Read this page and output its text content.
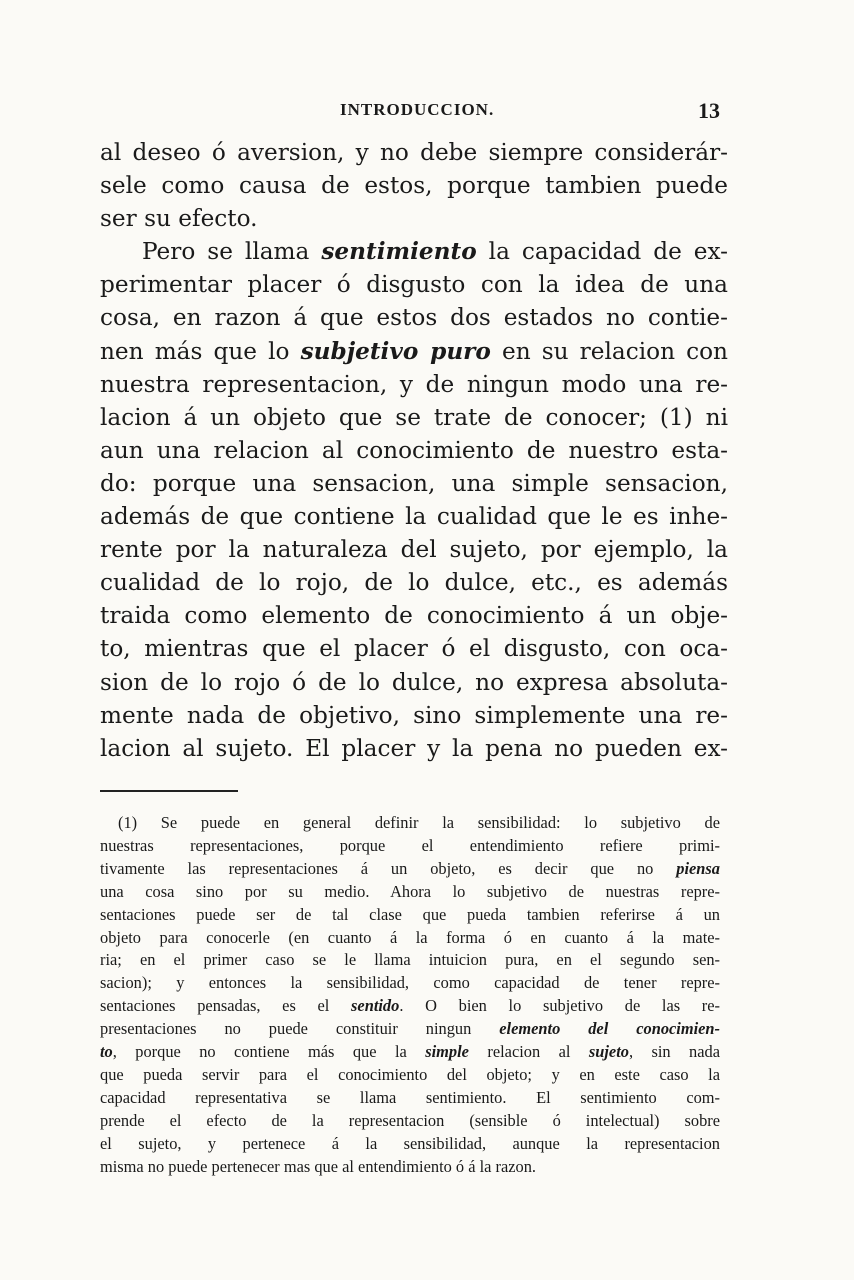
INTRODUCCION.	13
al deseo ó aversion, y no debe siempre considerár-
sele como causa de estos, porque tambien puede
ser su efecto.
Pero se llama sentimiento la capacidad de ex-
perimentar placer ó disgusto con la idea de una
cosa, en razon á que estos dos estados no contie-
nen más que lo subjetivo puro en su relacion con
nuestra representacion, y de ningun modo una re-
lacion á un objeto que se trate de conocer; (1) ni
aun una relacion al conocimiento de nuestro esta-
do: porque una sensacion, una simple sensacion,
además de que contiene la cualidad que le es inhe-
rente por la naturaleza del sujeto, por ejemplo, la
cualidad de lo rojo, de lo dulce, etc., es además
traida como elemento de conocimiento á un obje-
to, mientras que el placer ó el disgusto, con oca-
sion de lo rojo ó de lo dulce, no expresa absoluta-
mente nada de objetivo, sino simplemente una re-
lacion al sujeto. El placer y la pena no pueden ex-
(1) Se puede en general definir la sensibilidad: lo subjetivo de
nuestras representaciones, porque el entendimiento refiere primi-
tivamente las representaciones á un objeto, es decir que no piensa
una cosa sino por su medio. Ahora lo subjetivo de nuestras repre-
sentaciones puede ser de tal clase que pueda tambien referirse á un
objeto para conocerle (en cuanto á la forma ó en cuanto á la mate-
ria; en el primer caso se le llama intuicion pura, en el segundo sen-
sacion); y entonces la sensibilidad, como capacidad de tener repre-
sentaciones pensadas, es el sentido. O bien lo subjetivo de las re-
presentaciones no puede constituir ningun elemento del conocimien-
to, porque no contiene más que la simple relacion al sujeto, sin nada
que pueda servir para el conocimiento del objeto; y en este caso la
capacidad representativa se llama sentimiento. El sentimiento com-
prende el efecto de la representacion (sensible ó intelectual) sobre
el sujeto, y pertenece á la sensibilidad, aunque la representacion
misma no puede pertenecer mas que al entendimiento ó á la razon.
